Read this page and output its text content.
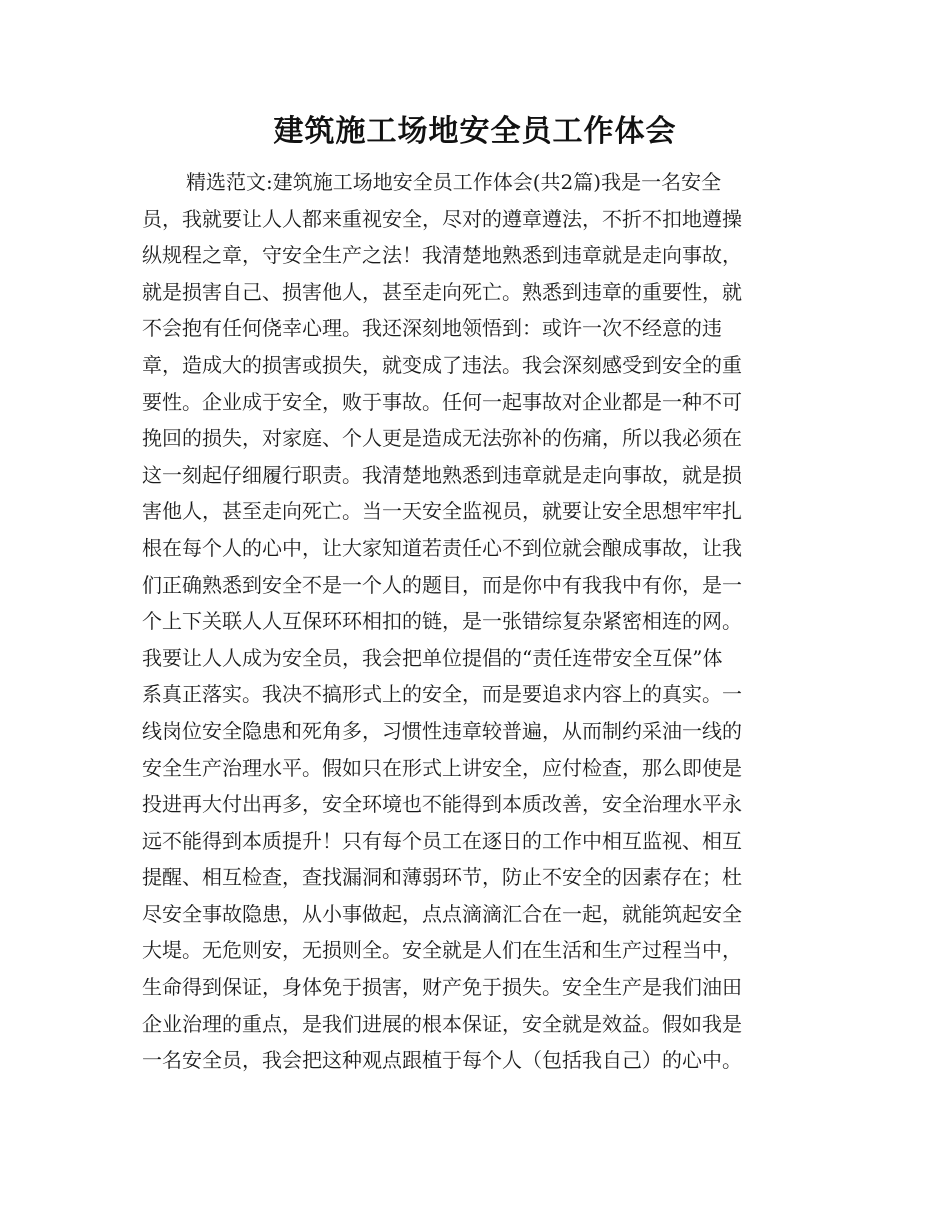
建筑施工场地安全员工作体会
精选范文:建筑施工场地安全员工作体会(共2篇)我是一名安全
员，我就要让人人都来重视安全，尽对的遵章遵法，不折不扣地遵操
纵规程之章，守安全生产之法！我清楚地熟悉到违章就是走向事故，
就是损害自己、损害他人，甚至走向死亡。熟悉到违章的重要性，就
不会抱有任何侥幸心理。我还深刻地领悟到：或许一次不经意的违
章，造成大的损害或损失，就变成了违法。我会深刻感受到安全的重
要性。企业成于安全，败于事故。任何一起事故对企业都是一种不可
挽回的损失，对家庭、个人更是造成无法弥补的伤痛，所以我必须在
这一刻起仔细履行职责。我清楚地熟悉到违章就是走向事故，就是损
害他人，甚至走向死亡。当一天安全监视员，就要让安全思想牢牢扎
根在每个人的心中，让大家知道若责任心不到位就会酿成事故，让我
们正确熟悉到安全不是一个人的题目，而是你中有我我中有你，是一
个上下关联人人互保环环相扣的链，是一张错综复杂紧密相连的网。
我要让人人成为安全员，我会把单位提倡的“责任连带安全互保”体
系真正落实。我决不搞形式上的安全，而是要追求内容上的真实。一
线岗位安全隐患和死角多，习惯性违章较普遍，从而制约采油一线的
安全生产治理水平。假如只在形式上讲安全，应付检查，那么即使是
投进再大付出再多，安全环境也不能得到本质改善，安全治理水平永
远不能得到本质提升！只有每个员工在逐日的工作中相互监视、相互
提醒、相互检查，查找漏洞和薄弱环节，防止不安全的因素存在；杜
尽安全事故隐患，从小事做起，点点滴滴汇合在一起，就能筑起安全
大堤。无危则安，无损则全。安全就是人们在生活和生产过程当中，
生命得到保证，身体免于损害，财产免于损失。安全生产是我们油田
企业治理的重点，是我们进展的根本保证，安全就是效益。假如我是
一名安全员，我会把这种观点跟植于每个人（包括我自己）的心中。
